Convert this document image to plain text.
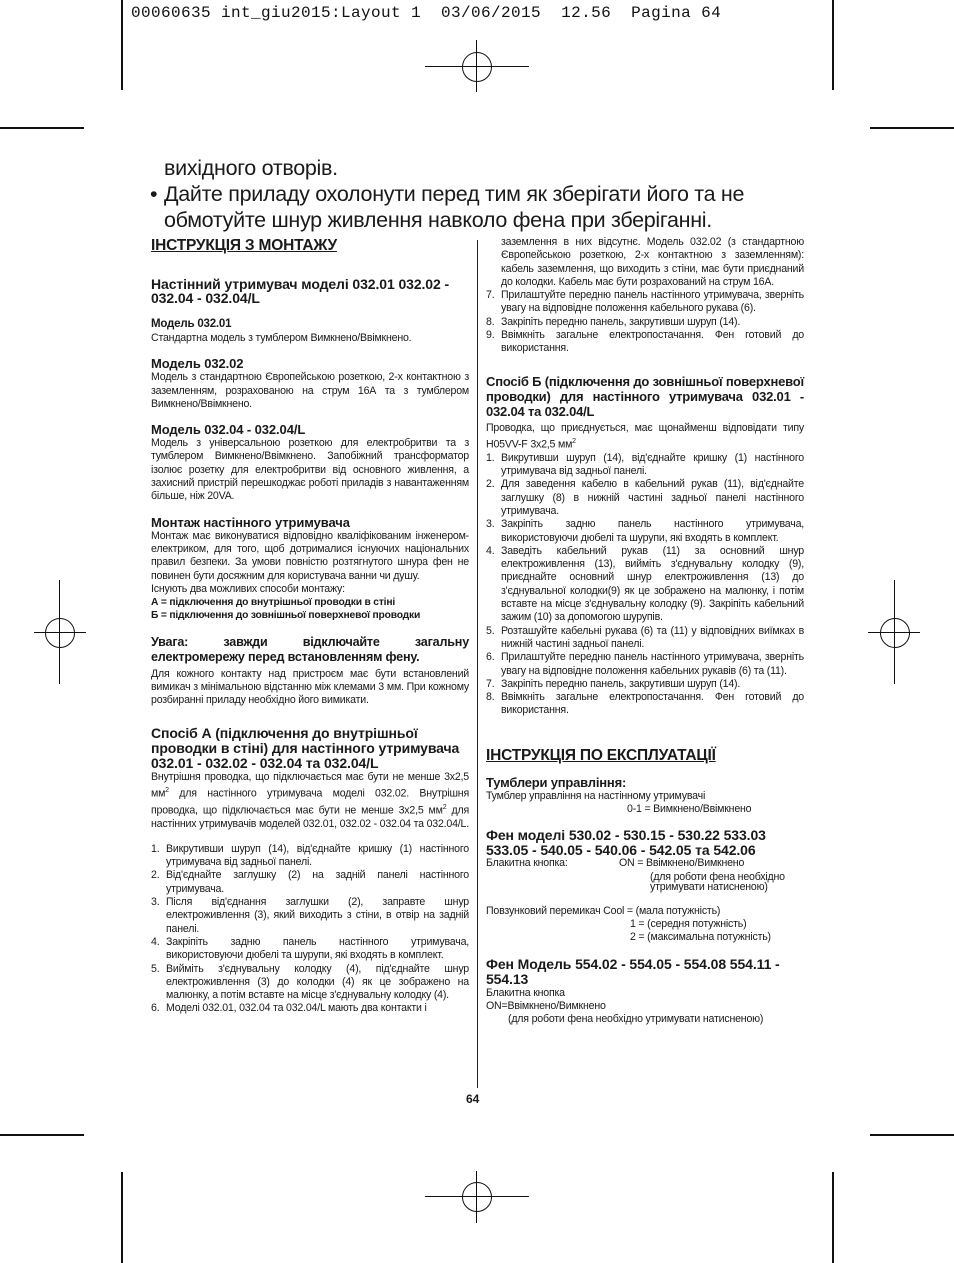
00060635 int_giu2015:Layout 1  03/06/2015  12.56  Pagina 64
вихідного отворів.
• Дайте приладу охолонути перед тим як зберігати його та не обмотуйте шнур живлення навколо фена при зберіганні.
ІНСТРУКЦІЯ З МОНТАЖУ
Настінний утримувач моделі 032.01 032.02 - 032.04 - 032.04/L
Модель 032.01
Стандартна модель з тумблером Вимкнено/Ввімкнено.
Модель 032.02
Модель з стандартною Європейською розеткою, 2-х контактною з заземленням, розрахованою на струм 16А та з тумблером Вимкнено/Ввімкнено.
Модель 032.04 - 032.04/L
Модель з універсальною розеткою для електробритви та з тумблером Вимкнено/Ввімкнено. Запобіжний трансформатор ізолює розетку для електробритви від основного живлення, а захисний пристрій перешкоджає роботі приладів з навантаженням більше, ніж 20VA.
Монтаж настінного утримувача
Монтаж має виконуватися відповідно кваліфікованим інженером-електриком, для того, щоб дотрималися існуючих національних правил безпеки. За умови повністю розтягнутого шнура фен не повинен бути досяжним для користувача ванни чи душу.
Існують два можливих способи монтажу:
А = підключення до внутрішньої проводки в стіні
Б = підключення до зовнішньої поверхневої проводки
Увага: завжди відключайте загальну електромережу перед встановленням фену.
Для кожного контакту над пристроєм має бути встановлений вимикач з мінімальною відстанню між клемами 3 мм. При кожному розбиранні приладу необхідно його вимикати.
Спосіб А (підключення до внутрішньої проводки в стіні) для настінного утримувача 032.01 - 032.02 - 032.04 та 032.04/L
Внутрішня проводка, що підключається має бути не менше 3х2,5 $мм^2$ для настінного утримувача моделі 032.02. Внутрішня проводка, що підключається має бути не менше 3х2,5 $мм^2$ для настінних утримувачів моделей 032.01, 032.02 - 032.04 та 032.04/L.
1. Викрутивши шуруп (14), від'єднайте кришку (1) настінного утримувача від задньої панелі.
2. Від'єднайте заглушку (2) на задній панелі настінного утримувача.
3. Після від'єднання заглушки (2), заправте шнур електроживлення (3), який виходить з стіни, в отвір на задній панелі.
4. Закріпіть задню панель настінного утримувача, використовуючи дюбелі та шурупи, які входять в комплект.
5. Вийміть з'єднувальну колодку (4), під'єднайте шнур електроживлення (3) до колодки (4) як це зображено на малюнку, а потім вставте на місце з'єднувальну колодку (4).
6. Моделі 032.01, 032.04 та 032.04/L мають два контакти і
заземлення в них відсутнє. Модель 032.02 (з стандартною Європейською розеткою, 2-х контактною з заземленням): кабель заземлення, що виходить з стіни, має бути приєднаний до колодки. Кабель має бути розрахований на струм 16А.
7. Прилаштуйте передню панель настінного утримувача, зверніть увагу на відповідне положення кабельного рукава (6).
8. Закріпіть передню панель, закрутивши шуруп (14).
9. Ввімкніть загальне електропостачання. Фен готовий до використання.
Спосіб Б (підключення до зовнішньої поверхневої проводки) для настінного утримувача 032.01 - 032.04 та 032.04/L
Проводка, що приєднується, має щонайменш відповідати типу H05VV-F 3х2,5 $мм^2$
1. Викрутивши шуруп (14), від'єднайте кришку (1) настінного утримувача від задньої панелі.
2. Для заведення кабелю в кабельний рукав (11), від'єднайте заглушку (8) в нижній частині задньої панелі настінного утримувача.
3. Закріпіть задню панель настінного утримувача, використовуючи дюбелі та шурупи, які входять в комплект.
4. Заведіть кабельний рукав (11) за основний шнур електроживлення (13), вийміть з'єднувальну колодку (9), приєднайте основний шнур електроживлення (13) до з'єднувальної колодки(9) як це зображено на малюнку, і потім вставте на місце з'єднувальну колодку (9). Закріпіть кабельний зажим (10) за допомогою шурупів.
5. Розташуйте кабельні рукава (6) та (11) у відповідних виїмках в нижній частині задньої панелі.
6. Прилаштуйте передню панель настінного утримувача, зверніть увагу на відповідне положення кабельних рукавів (6) та (11).
7. Закріпіть передню панель, закрутивши шуруп (14).
8. Ввімкніть загальне електропостачання. Фен готовий до використання.
ІНСТРУКЦІЯ ПО ЕКСПЛУАТАЦІЇ
Тумблери управління:
Тумблер управління на настінному утримувачі
0-1 = Вимкнено/Ввімкнено
Фен моделі 530.02 - 530.15 - 530.22 533.03 533.05 - 540.05 - 540.06 - 542.05 та 542.06
Блакитна кнопка:	ON = Ввімкнено/Вимкнено
(для роботи фена необхідно утримувати натисненою)
Повзунковий перемикач Cool = (мала потужність)
1 = (середня потужність)
2 = (максимальна потужність)
Фен Модель 554.02 - 554.05 - 554.08 554.11 - 554.13
Блакитна кнопка
ON=Ввімкнено/Вимкнено
(для роботи фена необхідно утримувати натисненою)
64
